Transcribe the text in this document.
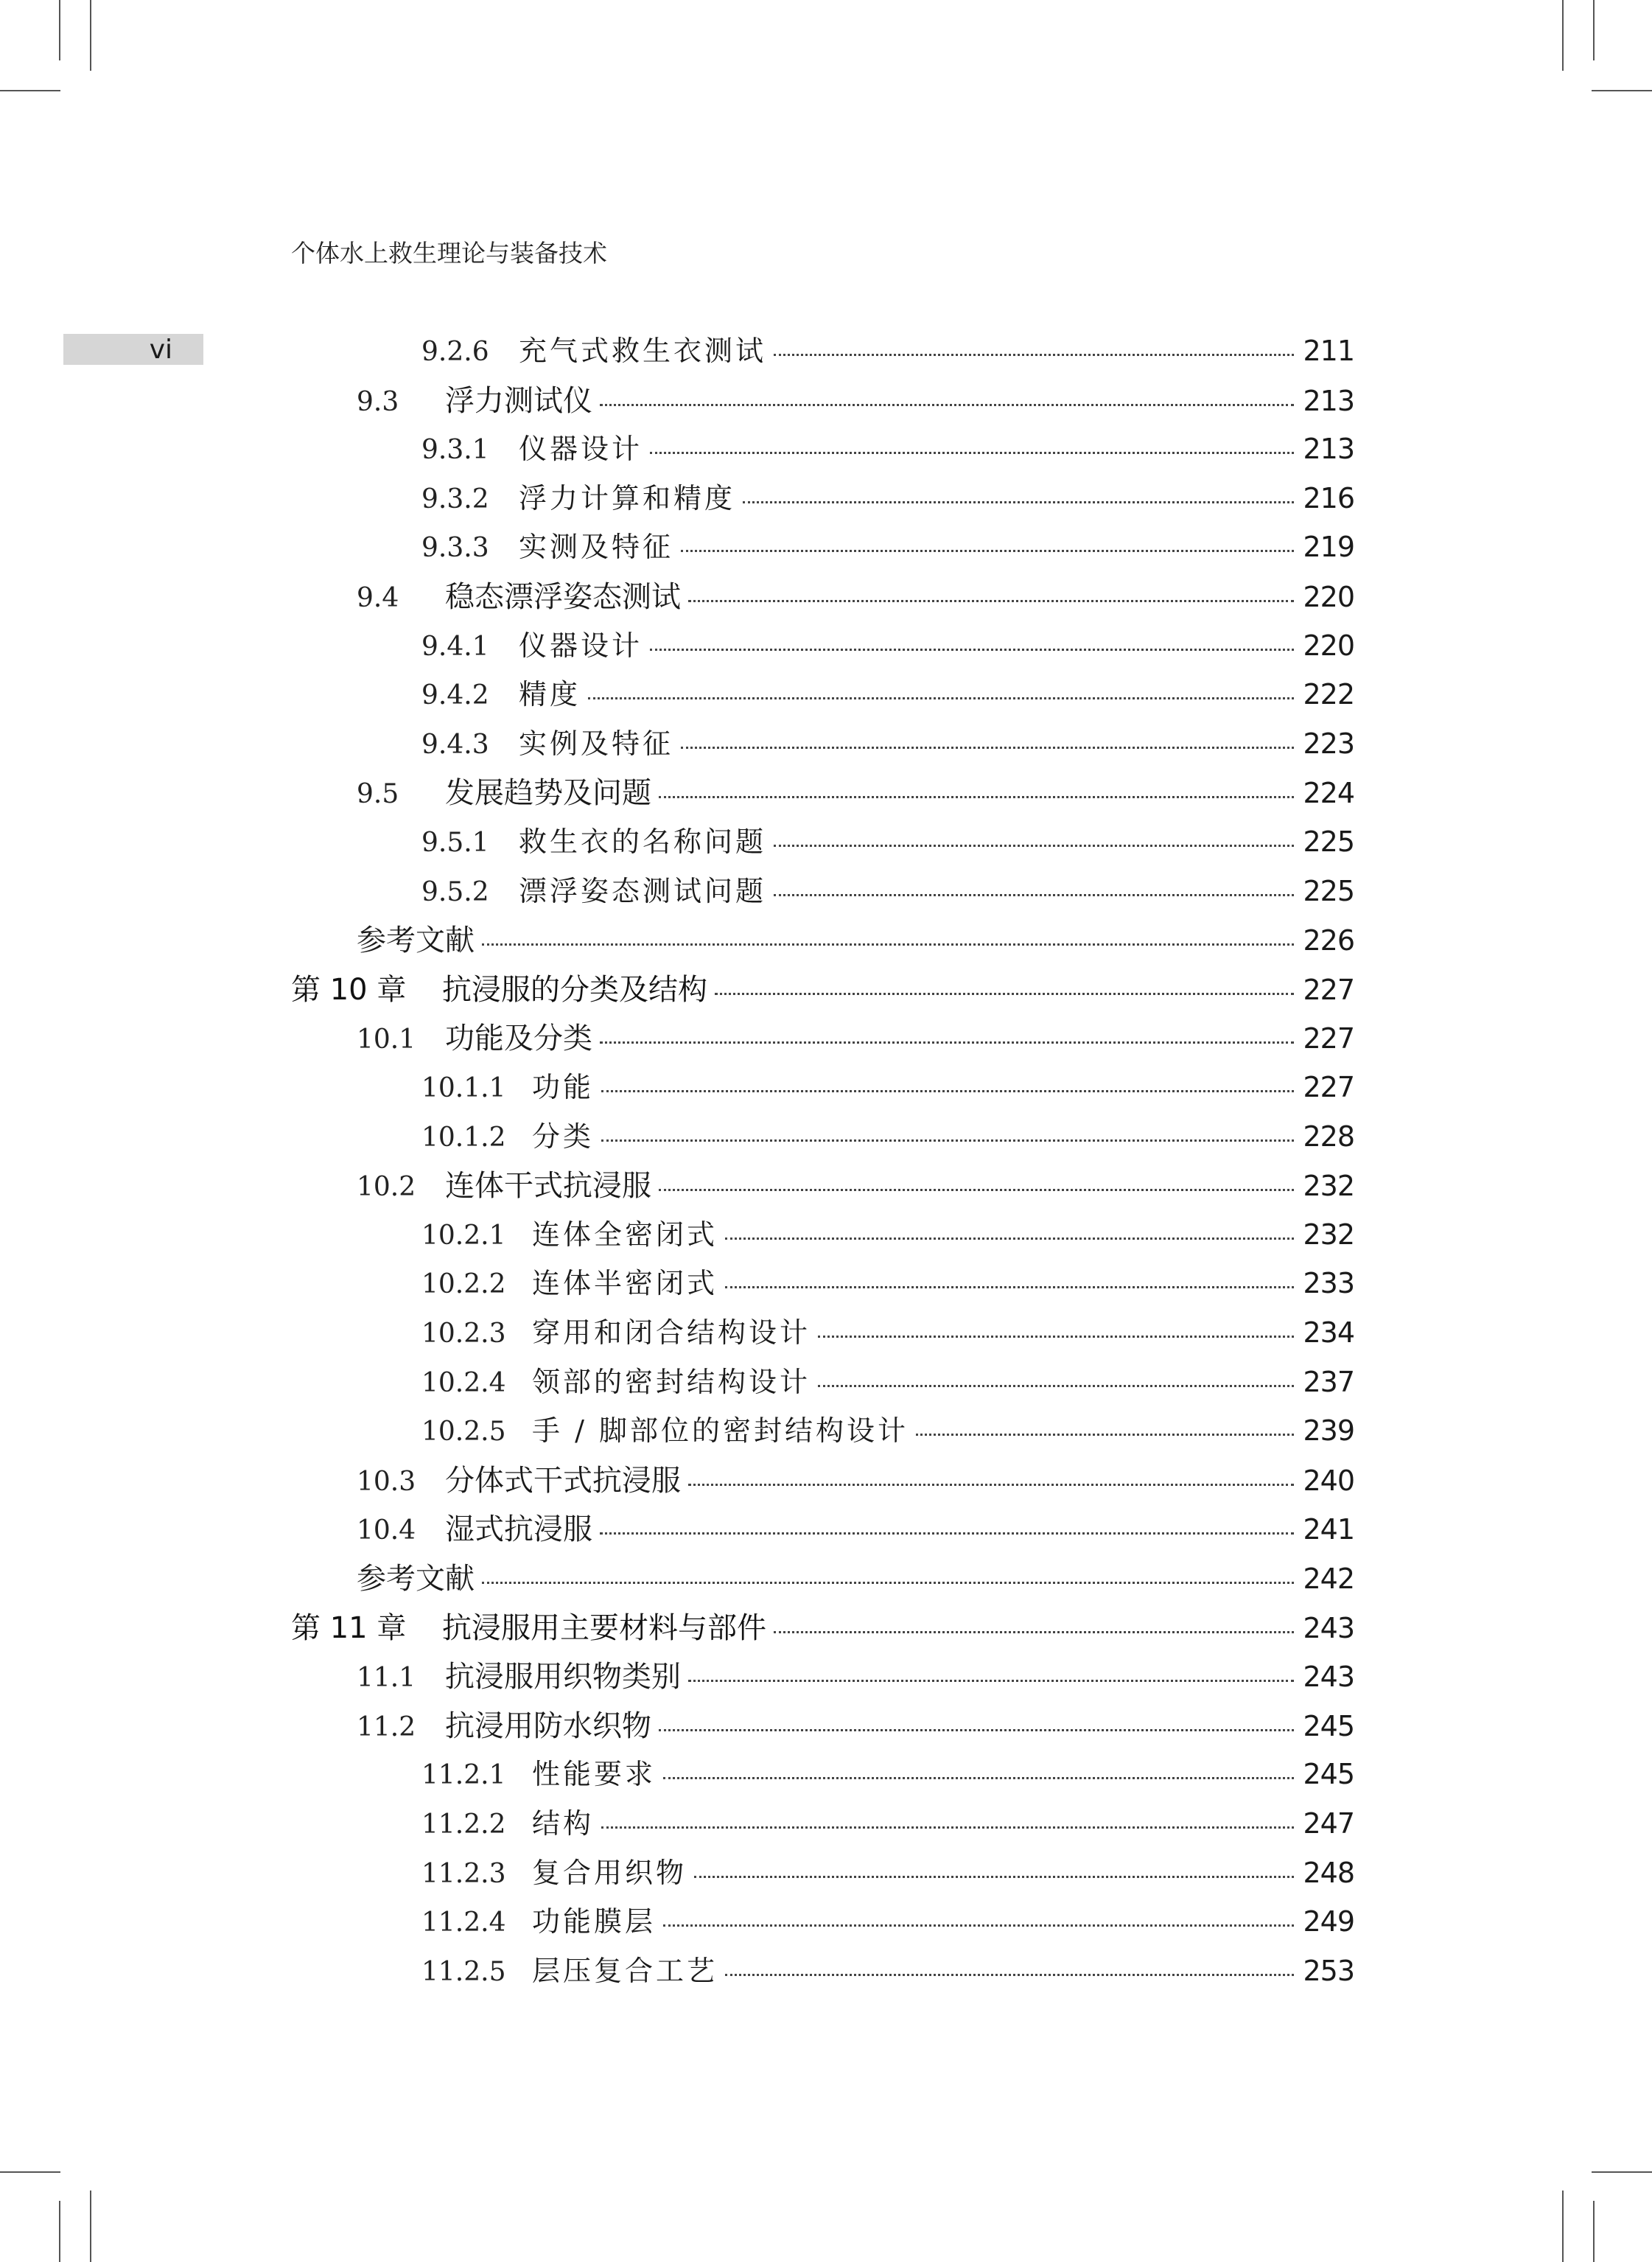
个体水上救生理论与装备技术
vi	9.2.6	充气式救生衣测试	211
9.3	浮力测试仪	213
9.3.1	仪器设计	213
9.3.2	浮力计算和精度	216
9.3.3	实测及特征	219
9.4	稳态漂浮姿态测试	220
9.4.1	仪器设计	220
9.4.2	精度	222
9.4.3	实例及特征	223
9.5	发展趋势及问题	224
9.5.1	救生衣的名称问题	225
9.5.2	漂浮姿态测试问题	225
参考文献	226
第 10 章	抗浸服的分类及结构	227
10.1 功能及分类	227
10.1.1 功能	227
10.1.2 分类	228
10.2 连体干式抗浸服	232
10.2.1 连体全密闭式	232
10.2.2 连体半密闭式	233
10.2.3 穿用和闭合结构设计	234
10.2.4 领部的密封结构设计	237
10.2.5 手 / 脚部位的密封结构设计	239
10.3 分体式干式抗浸服	240
10.4 湿式抗浸服	241
参考文献	242
第 11 章	抗浸服用主要材料与部件	243
11.1 抗浸服用织物类别	243
11.2 抗浸用防水织物	245
11.2.1 性能要求	245
11.2.2 结构	247
11.2.3 复合用织物	248
11.2.4 功能膜层	249
11.2.5 层压复合工艺	253
